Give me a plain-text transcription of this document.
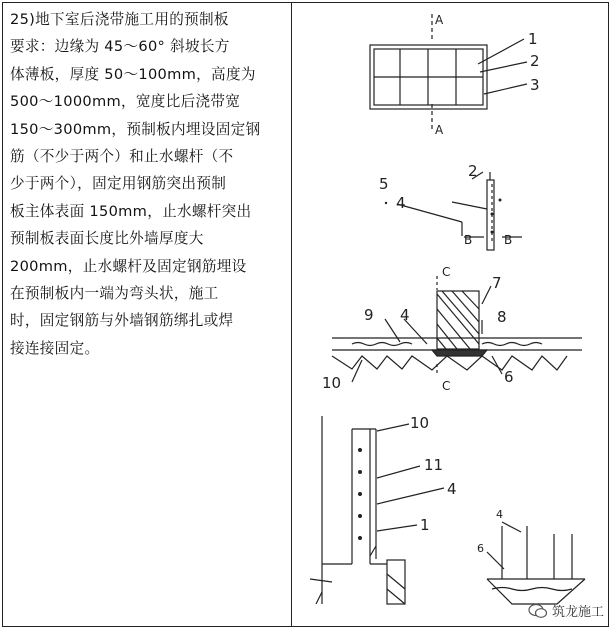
25)地下室后浇带施工用的预制板
要求：边缘为 45～60° 斜坡长方
体薄板，厚度 50～100mm，高度为
500～1000mm，宽度比后浇带宽
150～300mm，预制板内埋设固定钢
筋（不少于两个）和止水螺杆（不
少于两个），固定用钢筋突出预制
板主体表面 150mm，止水螺杆突出
预制板表面长度比外墙厚度大
200mm，止水螺杆及固定钢筋埋设
在预制板内一端为弯头状，施工
时，固定钢筋与外墙钢筋绑扎或焊
接连接固定。
A
A
1
2
3
2
5
4
B	B
C
C
7
8
9 4
10	6
10
11
4
1
4
6
筑龙施工
